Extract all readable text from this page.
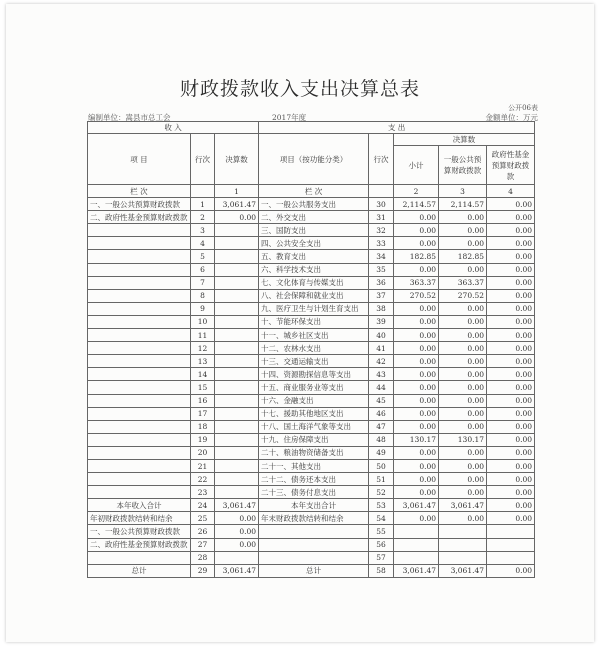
财政拨款收入支出决算总表
公开06表
编制单位：嵩县市总工会	2017年度	金额单位：万元
收 入			支 出				
项 目	行次	决算数	项目（按功能分类）	行次	决算数		
					小计	一般公共预算财政拨款	政府性基金预算财政拨款
栏 次		1	栏 次		2	3	4
一、一般公共预算财政拨款	1	3,061.47	一、一般公共服务支出	30	2,114.57	2,114.57	0.00
二、政府性基金预算财政拨款	2	0.00	二、外交支出	31	0.00	0.00	0.00
	3		三、国防支出	32	0.00	0.00	0.00
	4		四、公共安全支出	33	0.00	0.00	0.00
	5		五、教育支出	34	182.85	182.85	0.00
	6		六、科学技术支出	35	0.00	0.00	0.00
	7		七、文化体育与传媒支出	36	363.37	363.37	0.00
	8		八、社会保障和就业支出	37	270.52	270.52	0.00
	9		九、医疗卫生与计划生育支出	38	0.00	0.00	0.00
	10		十、节能环保支出	39	0.00	0.00	0.00
	11		十一、城乡社区支出	40	0.00	0.00	0.00
	12		十二、农林水支出	41	0.00	0.00	0.00
	13		十三、交通运输支出	42	0.00	0.00	0.00
	14		十四、资源勘探信息等支出	43	0.00	0.00	0.00
	15		十五、商业服务业等支出	44	0.00	0.00	0.00
	16		十六、金融支出	45	0.00	0.00	0.00
	17		十七、援助其他地区支出	46	0.00	0.00	0.00
	18		十八、国土海洋气象等支出	47	0.00	0.00	0.00
	19		十九、住房保障支出	48	130.17	130.17	0.00
	20		二十、粮油物资储备支出	49	0.00	0.00	0.00
	21		二十一、其他支出	50	0.00	0.00	0.00
	22		二十二、债务还本支出	51	0.00	0.00	0.00
	23		二十三、债务付息支出	52	0.00	0.00	0.00
本年收入合计	24	3,061.47	本年支出合计	53	3,061.47	3,061.47	0.00
年初财政拨款结转和结余	25	0.00	年末财政拨款结转和结余	54	0.00	0.00	0.00
一、一般公共预算财政拨款	26	0.00		55			
二、政府性基金预算财政拨款	27	0.00		56			
	28			57			
总计	29	3,061.47	总计	58	3,061.47	3,061.47	0.00
